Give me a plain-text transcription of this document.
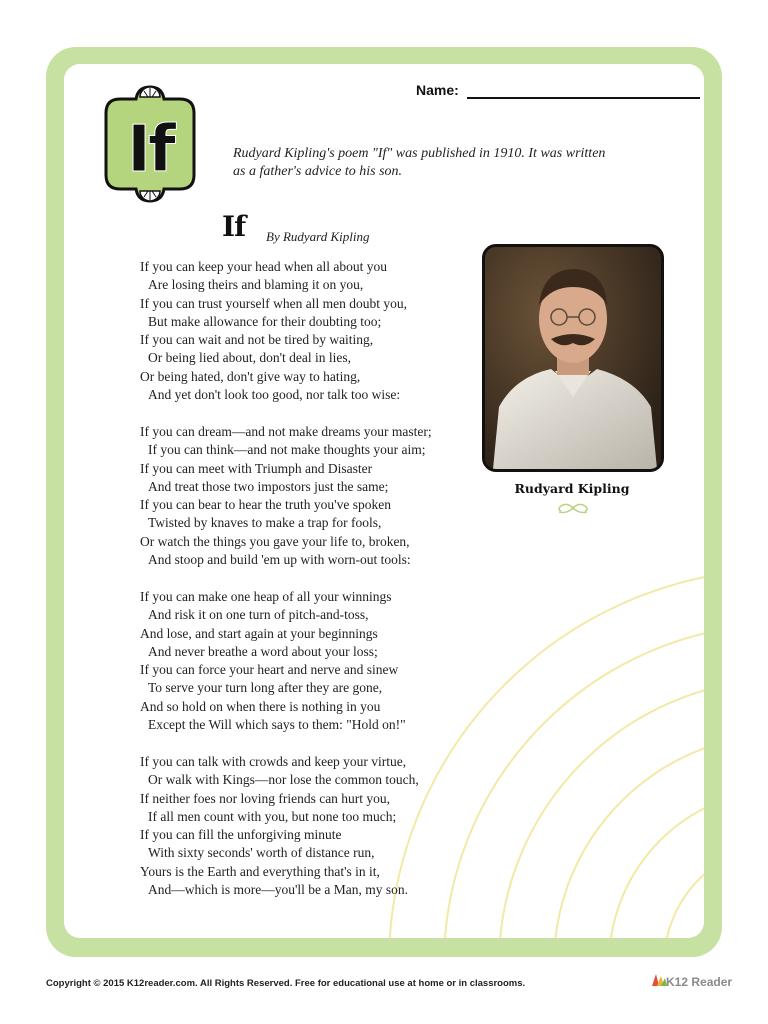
Name:
If	Rudyard Kipling's poem "If" was published in 1910. It was written as a father's advice to his son.
If By Rudyard Kipling
If you can keep your head when all about you
Are losing theirs and blaming it on you,
If you can trust yourself when all men doubt you,
But make allowance for their doubting too;
If you can wait and not be tired by waiting,
Or being lied about, don't deal in lies,
Or being hated, don't give way to hating,
And yet don't look too good, nor talk too wise:
If you can dream—and not make dreams your master;
If you can think—and not make thoughts your aim;
If you can meet with Triumph and Disaster
And treat those two impostors just the same;
If you can bear to hear the truth you've spoken
Twisted by knaves to make a trap for fools,
Or watch the things you gave your life to, broken,
And stoop and build 'em up with worn-out tools:
If you can make one heap of all your winnings
And risk it on one turn of pitch-and-toss,
And lose, and start again at your beginnings
And never breathe a word about your loss;
If you can force your heart and nerve and sinew
To serve your turn long after they are gone,
And so hold on when there is nothing in you
Except the Will which says to them: "Hold on!"
If you can talk with crowds and keep your virtue,
Or walk with Kings—nor lose the common touch,
If neither foes nor loving friends can hurt you,
If all men count with you, but none too much;
If you can fill the unforgiving minute
With sixty seconds' worth of distance run,
Yours is the Earth and everything that's in it,
And—which is more—you'll be a Man, my son.
Rudyard Kipling
Copyright © 2015 K12reader.com. All Rights Reserved. Free for educational use at home or in classrooms.	K12 Reader
